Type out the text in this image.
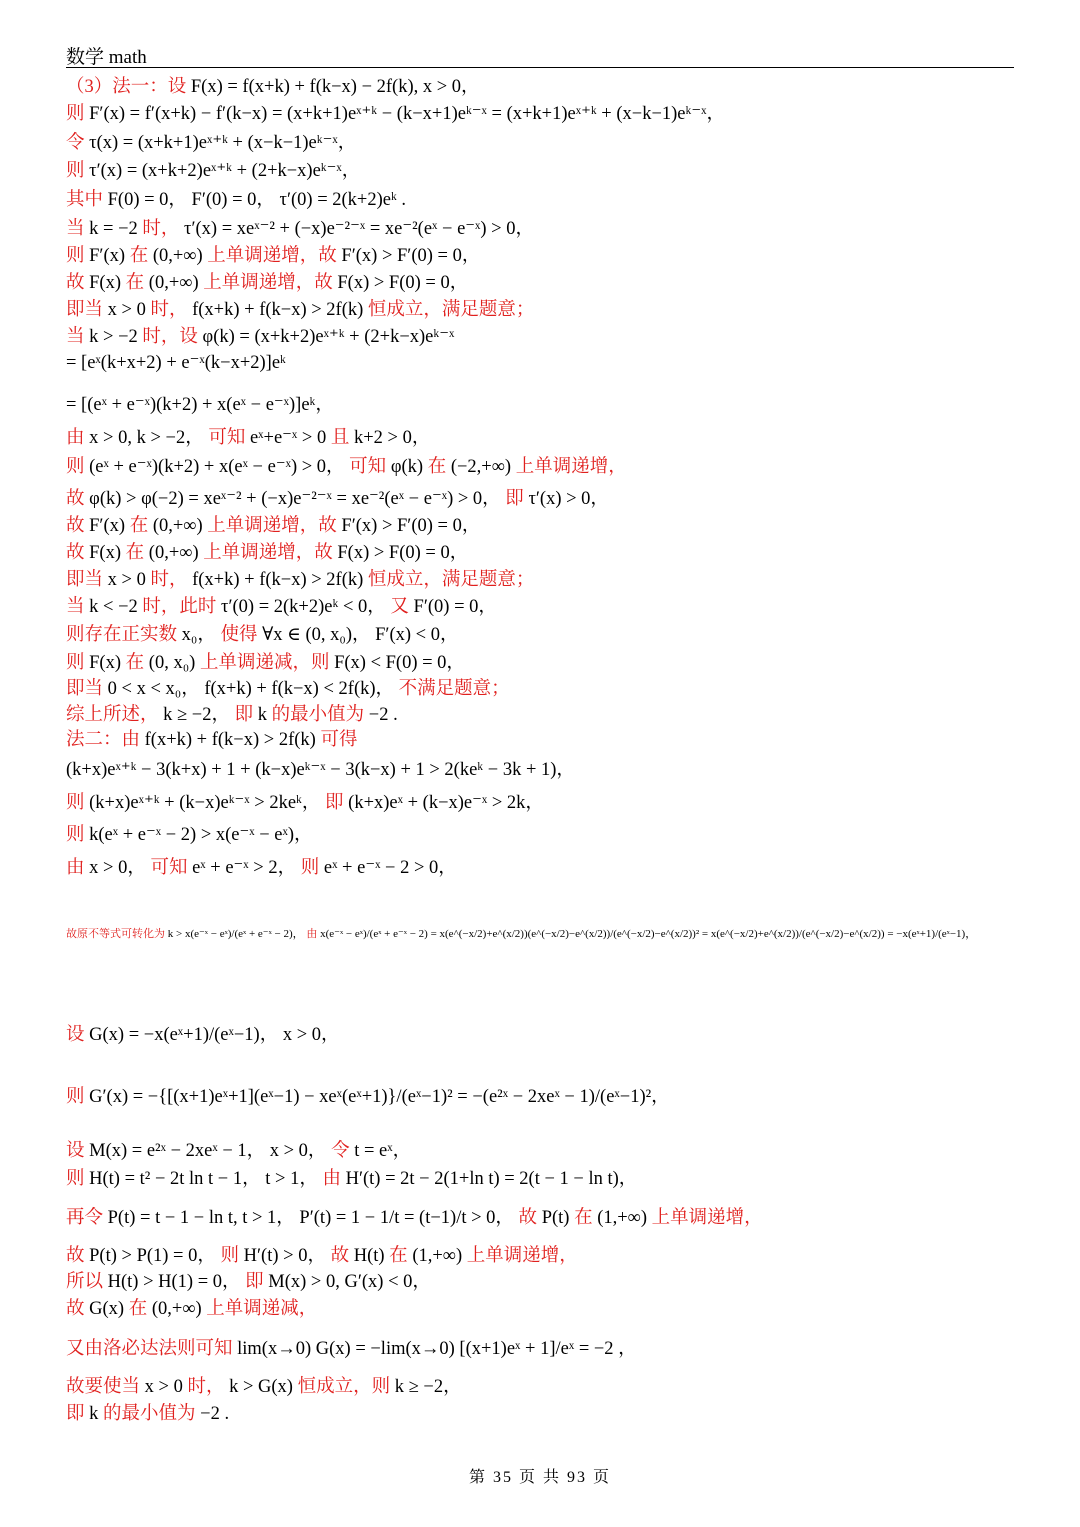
数学 math
（3）法一：设 F(x) = f(x+k) + f(k−x) − 2f(k), x > 0，
则 F′(x) = f′(x+k) − f′(k−x) = (x+k+1)eˣ⁺ᵏ − (k−x+1)eᵏ⁻ˣ = (x+k+1)eˣ⁺ᵏ + (x−k−1)eᵏ⁻ˣ，
令 τ(x) = (x+k+1)eˣ⁺ᵏ + (x−k−1)eᵏ⁻ˣ，
则 τ′(x) = (x+k+2)eˣ⁺ᵏ + (2+k−x)eᵏ⁻ˣ，
其中 F(0) = 0， F′(0) = 0， τ′(0) = 2(k+2)eᵏ .
当 k = −2 时， τ′(x) = xeˣ⁻² + (−x)e⁻²⁻ˣ = xe⁻²(eˣ − e⁻ˣ) > 0，
则 F′(x) 在 (0,+∞) 上单调递增，故 F′(x) > F′(0) = 0，
故 F(x) 在 (0,+∞) 上单调递增，故 F(x) > F(0) = 0，
即当 x > 0 时， f(x+k) + f(k−x) > 2f(k) 恒成立，满足题意；
当 k > −2 时，设 φ(k) = (x+k+2)eˣ⁺ᵏ + (2+k−x)eᵏ⁻ˣ
= [eˣ(k+x+2) + e⁻ˣ(k−x+2)]eᵏ
= [(eˣ + e⁻ˣ)(k+2) + x(eˣ − e⁻ˣ)]eᵏ，
由 x > 0, k > −2， 可知 eˣ+e⁻ˣ > 0 且 k+2 > 0，
则 (eˣ + e⁻ˣ)(k+2) + x(eˣ − e⁻ˣ) > 0， 可知 φ(k) 在 (−2,+∞) 上单调递增，
故 φ(k) > φ(−2) = xeˣ⁻² + (−x)e⁻²⁻ˣ = xe⁻²(eˣ − e⁻ˣ) > 0， 即 τ′(x) > 0，
故 F′(x) 在 (0,+∞) 上单调递增，故 F′(x) > F′(0) = 0，
故 F(x) 在 (0,+∞) 上单调递增，故 F(x) > F(0) = 0，
即当 x > 0 时， f(x+k) + f(k−x) > 2f(k) 恒成立，满足题意；
当 k < −2 时，此时 τ′(0) = 2(k+2)eᵏ < 0， 又 F′(0) = 0，
则存在正实数 x₀， 使得 ∀x ∈ (0, x₀)， F′(x) < 0，
则 F(x) 在 (0, x₀) 上单调递减，则 F(x) < F(0) = 0，
即当 0 < x < x₀， f(x+k) + f(k−x) < 2f(k)， 不满足题意；
综上所述， k ≥ −2， 即 k 的最小值为 −2 .
法二：由 f(x+k) + f(k−x) > 2f(k) 可得
(k+x)eˣ⁺ᵏ − 3(k+x) + 1 + (k−x)eᵏ⁻ˣ − 3(k−x) + 1 > 2(keᵏ − 3k + 1)，
则 (k+x)eˣ⁺ᵏ + (k−x)eᵏ⁻ˣ > 2keᵏ， 即 (k+x)eˣ + (k−x)e⁻ˣ > 2k，
则 k(eˣ + e⁻ˣ − 2) > x(e⁻ˣ − eˣ)，
由 x > 0， 可知 eˣ + e⁻ˣ > 2， 则 eˣ + e⁻ˣ − 2 > 0，
故原不等式可转化为 k > x(e⁻ˣ − eˣ)/(eˣ + e⁻ˣ − 2)， 由 x(e⁻ˣ − eˣ)/(eˣ + e⁻ˣ − 2) = x(e^(−x/2)+e^(x/2))(e^(−x/2)−e^(x/2))/(e^(−x/2)−e^(x/2))² = x(e^(−x/2)+e^(x/2))/(e^(−x/2)−e^(x/2)) = −x(eˣ+1)/(eˣ−1)，
设 G(x) = −x(eˣ+1)/(eˣ−1)， x > 0，
则 G′(x) = −{[(x+1)eˣ+1](eˣ−1) − xeˣ(eˣ+1)}/(eˣ−1)² = −(e²ˣ − 2xeˣ − 1)/(eˣ−1)²，
设 M(x) = e²ˣ − 2xeˣ − 1， x > 0， 令 t = eˣ，
则 H(t) = t² − 2t ln t − 1， t > 1， 由 H′(t) = 2t − 2(1+ln t) = 2(t − 1 − ln t)，
再令 P(t) = t − 1 − ln t, t > 1， P′(t) = 1 − 1/t = (t−1)/t > 0， 故 P(t) 在 (1,+∞) 上单调递增，
故 P(t) > P(1) = 0， 则 H′(t) > 0， 故 H(t) 在 (1,+∞) 上单调递增，
所以 H(t) > H(1) = 0， 即 M(x) > 0, G′(x) < 0，
故 G(x) 在 (0,+∞) 上单调递减，
又由洛必达法则可知 lim(x→0) G(x) = −lim(x→0) [(x+1)eˣ + 1]/eˣ = −2 ，
故要使当 x > 0 时， k > G(x) 恒成立，则 k ≥ −2，
即 k 的最小值为 −2 .
第 35 页 共 93 页
